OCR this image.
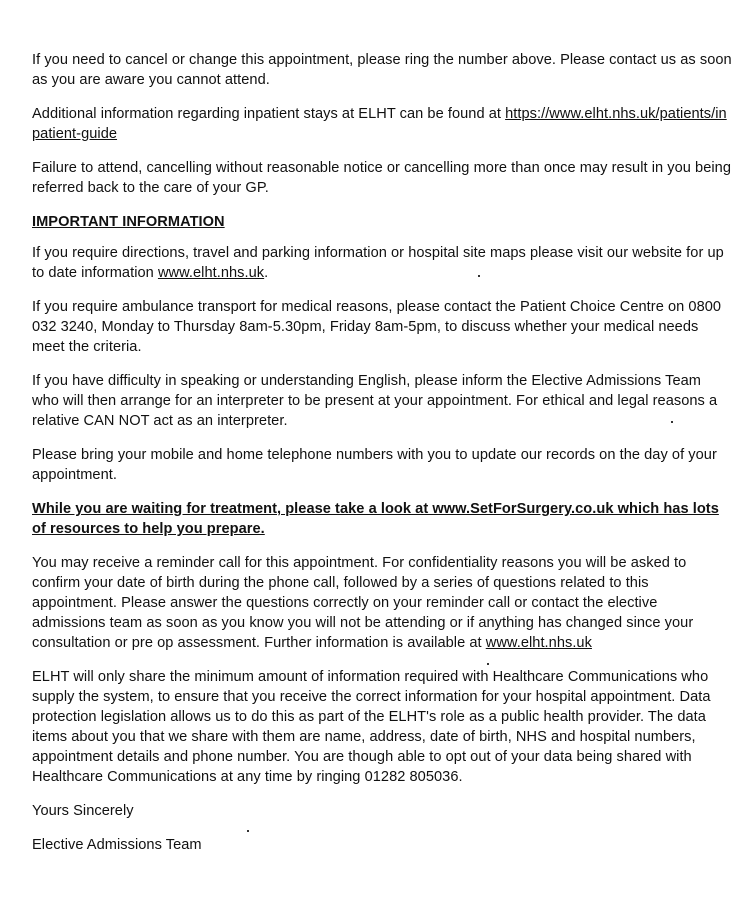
If you need to cancel or change this appointment, please ring the number above. Please contact us as soon as you are aware you cannot attend.

Additional information regarding inpatient stays at ELHT can be found at https://www.elht.nhs.uk/patients/inpatient-guide

Failure to attend, cancelling without reasonable notice or cancelling more than once may result in you being referred back to the care of your GP.

IMPORTANT INFORMATION

If you require directions, travel and parking information or hospital site maps please visit our website for up to date information www.elht.nhs.uk.

If you require ambulance transport for medical reasons, please contact the Patient Choice Centre on 0800 032 3240, Monday to Thursday 8am-5.30pm, Friday 8am-5pm, to discuss whether your medical needs meet the criteria.

If you have difficulty in speaking or understanding English, please inform the Elective Admissions Team who will then arrange for an interpreter to be present at your appointment. For ethical and legal reasons a relative CAN NOT act as an interpreter.

Please bring your mobile and home telephone numbers with you to update our records on the day of your appointment.

While you are waiting for treatment, please take a look at www.SetForSurgery.co.uk which has lots of resources to help you prepare.

You may receive a reminder call for this appointment. For confidentiality reasons you will be asked to confirm your date of birth during the phone call, followed by a series of questions related to this appointment. Please answer the questions correctly on your reminder call or contact the elective admissions team as soon as you know you will not be attending or if anything has changed since your consultation or pre op assessment. Further information is available at www.elht.nhs.uk

ELHT will only share the minimum amount of information required with Healthcare Communications who supply the system, to ensure that you receive the correct information for your hospital appointment. Data protection legislation allows us to do this as part of the ELHT's role as a public health provider. The data items about you that we share with them are name, address, date of birth, NHS and hospital numbers, appointment details and phone number. You are though able to opt out of your data being shared with Healthcare Communications at any time by ringing 01282 805036.

Yours Sincerely

Elective Admissions Team
